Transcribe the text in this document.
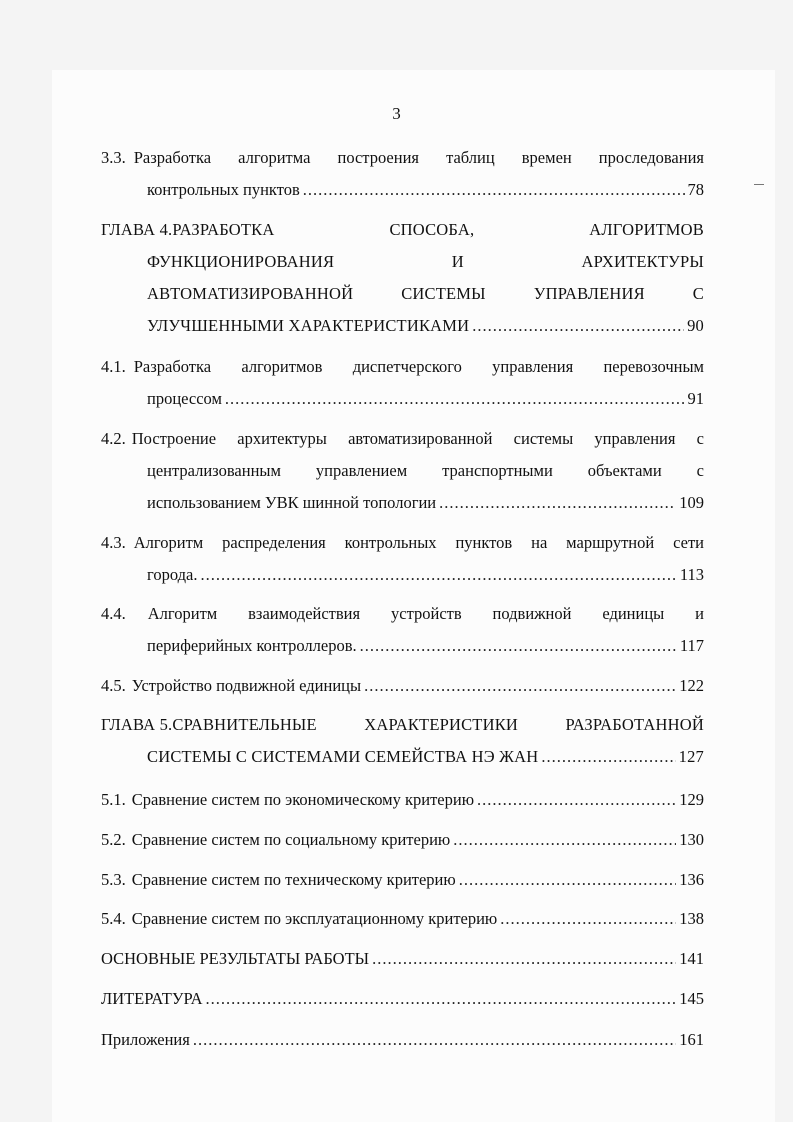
3
3.3. Разработка алгоритма построения таблиц времен проследования
контрольных пунктов .....	78
ГЛАВА 4. РАЗРАБОТКА СПОСОБА, АЛГОРИТМОВ
ФУНКЦИОНИРОВАНИЯ И АРХИТЕКТУРЫ
АВТОМАТИЗИРОВАННОЙ СИСТЕМЫ УПРАВЛЕНИЯ С
УЛУЧШЕННЫМИ ХАРАКТЕРИСТИКАМИ .....	90
4.1. Разработка алгоритмов диспетчерского управления перевозочным
процессом .....	91
4.2. Построение архитектуры автоматизированной системы управления с
централизованным управлением транспортными объектами с
использованием УВК шинной топологии .....	109
4.3. Алгоритм распределения контрольных пунктов на маршрутной сети
города. .....	113
4.4.	Алгоритм взаимодействия устройств подвижной единицы и
периферийных контроллеров. .....	117
4.5. Устройство подвижной единицы .....	122
ГЛАВА 5. СРАВНИТЕЛЬНЫЕ ХАРАКТЕРИСТИКИ РАЗРАБОТАННОЙ
СИСТЕМЫ С СИСТЕМАМИ СЕМЕЙСТВА НЭ ЖАН .....	127
5.1. Сравнение систем по экономическому критерию .....	129
5.2. Сравнение систем по социальному критерию .....	130
5.3. Сравнение систем по техническому критерию .....	136
5.4. Сравнение систем по эксплуатационному критерию .....	138
ОСНОВНЫЕ РЕЗУЛЬТАТЫ РАБОТЫ .....	141
ЛИТЕРАТУРА .....	145
Приложения .....	161
